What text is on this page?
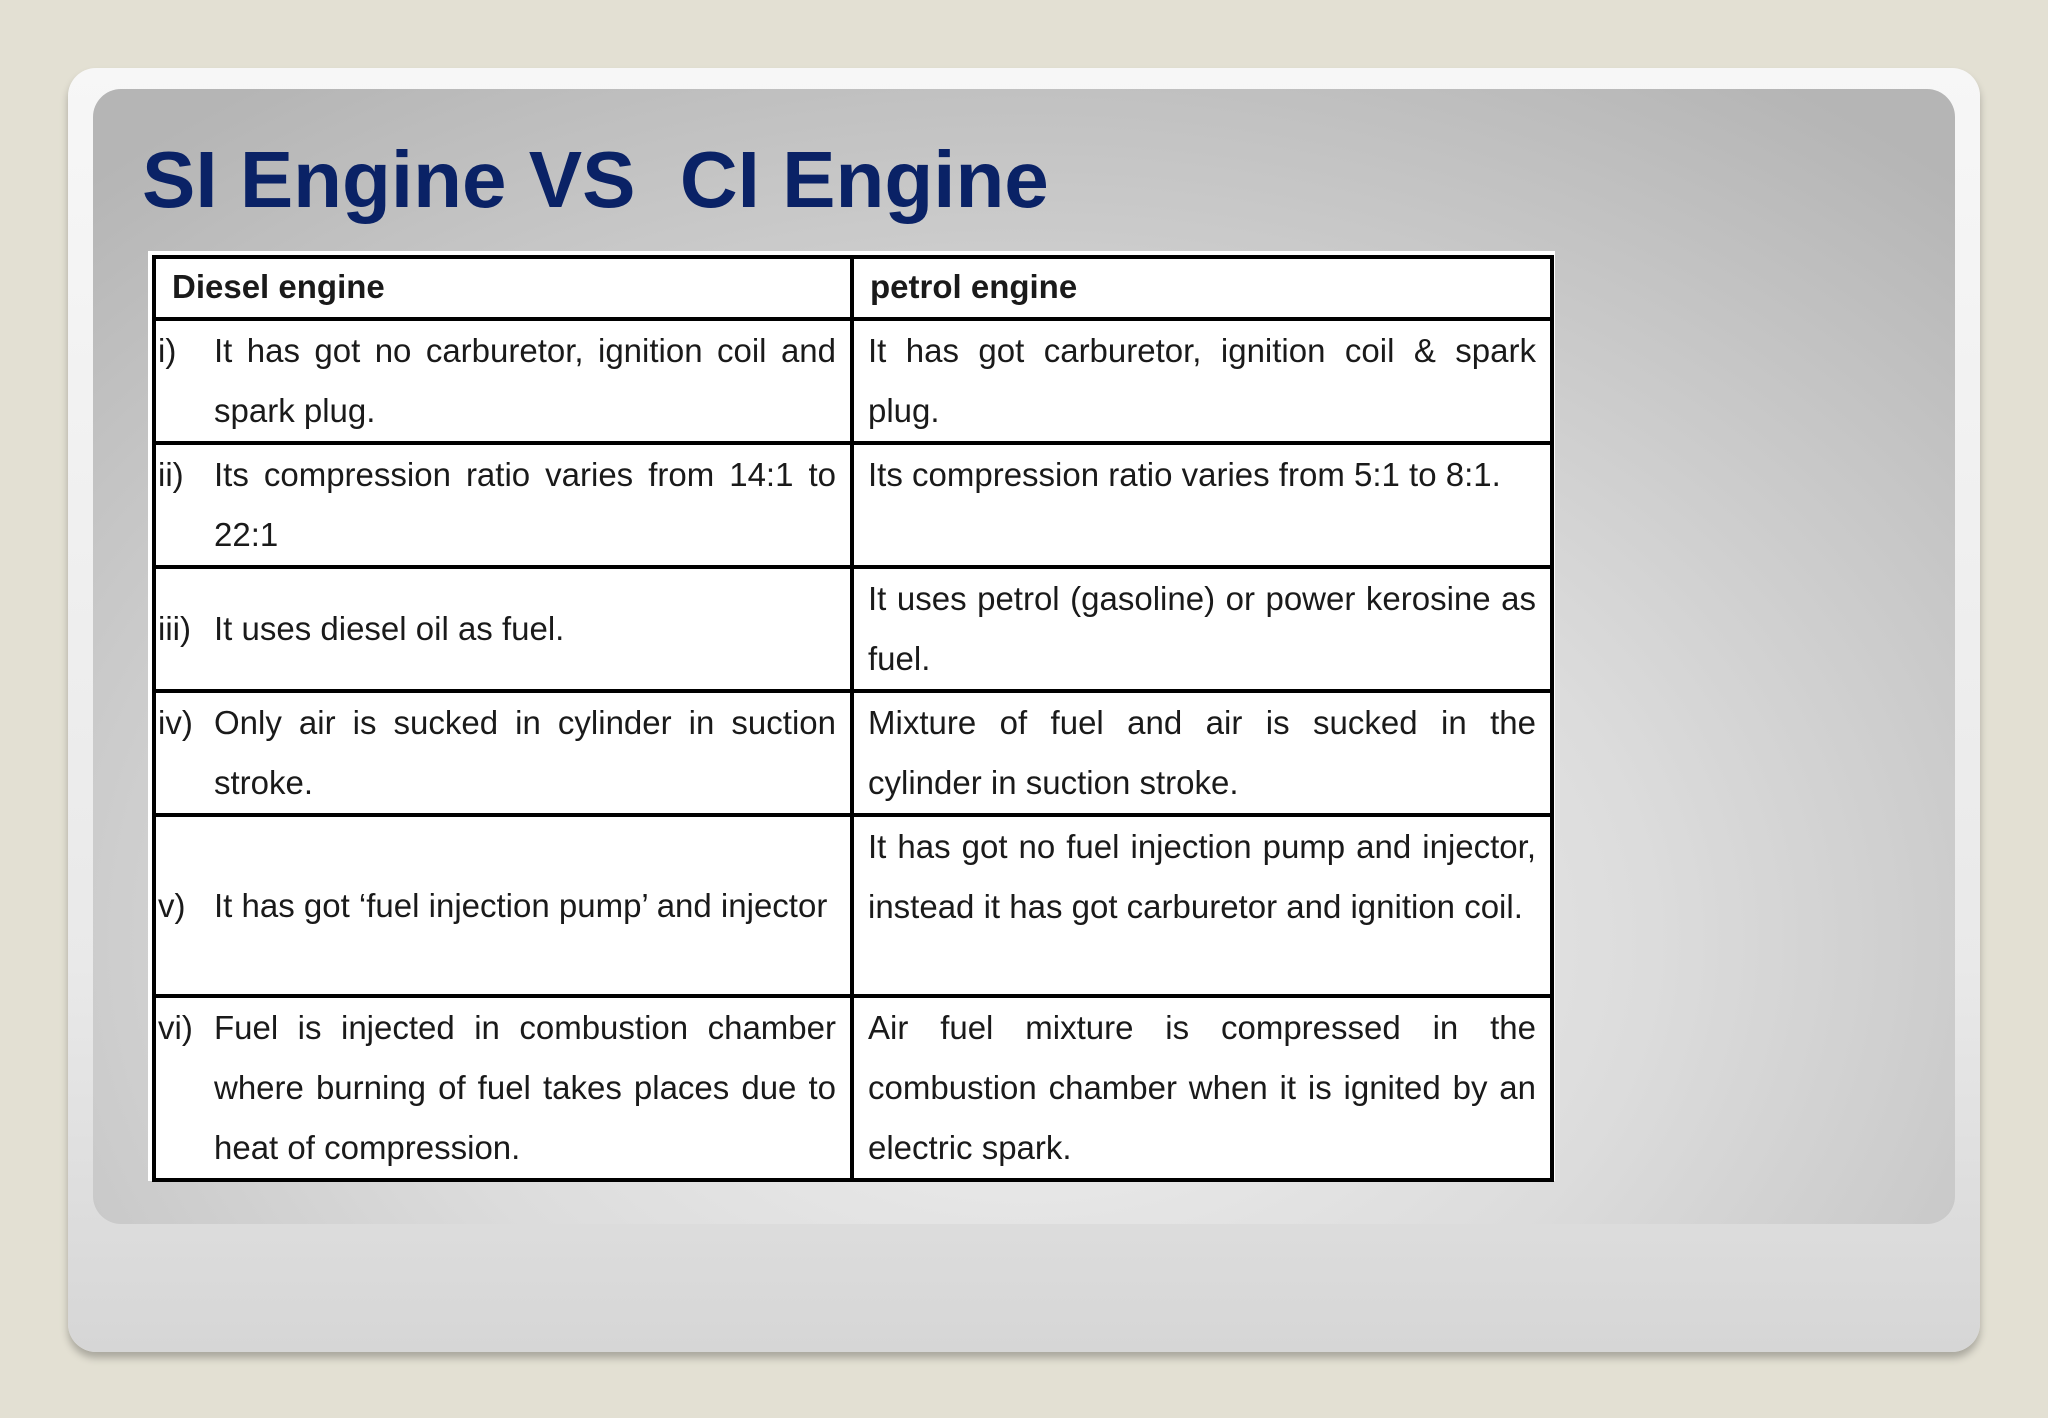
SI Engine VS  CI Engine
Diesel engine	petrol engine

i) It has got no carburetor, ignition coil and spark plug.	It has got carburetor, ignition coil & spark plug.

ii) Its compression ratio varies from 14:1 to 22:1	Its compression ratio varies from 5:1 to 8:1.

iii) It uses diesel oil as fuel.	It uses petrol (gasoline) or power kerosine as fuel.

iv) Only air is sucked in cylinder in suction stroke.	Mixture of fuel and air is sucked in the cylinder in suction stroke.

v) It has got ‘fuel injection pump’ and injector	It has got no fuel injection pump and injector, instead it has got carburetor and ignition coil.

vi) Fuel is injected in combustion chamber where burning of fuel takes places due to heat of compression.	Air fuel mixture is compressed in the combustion chamber when it is ignited by an electric spark.
